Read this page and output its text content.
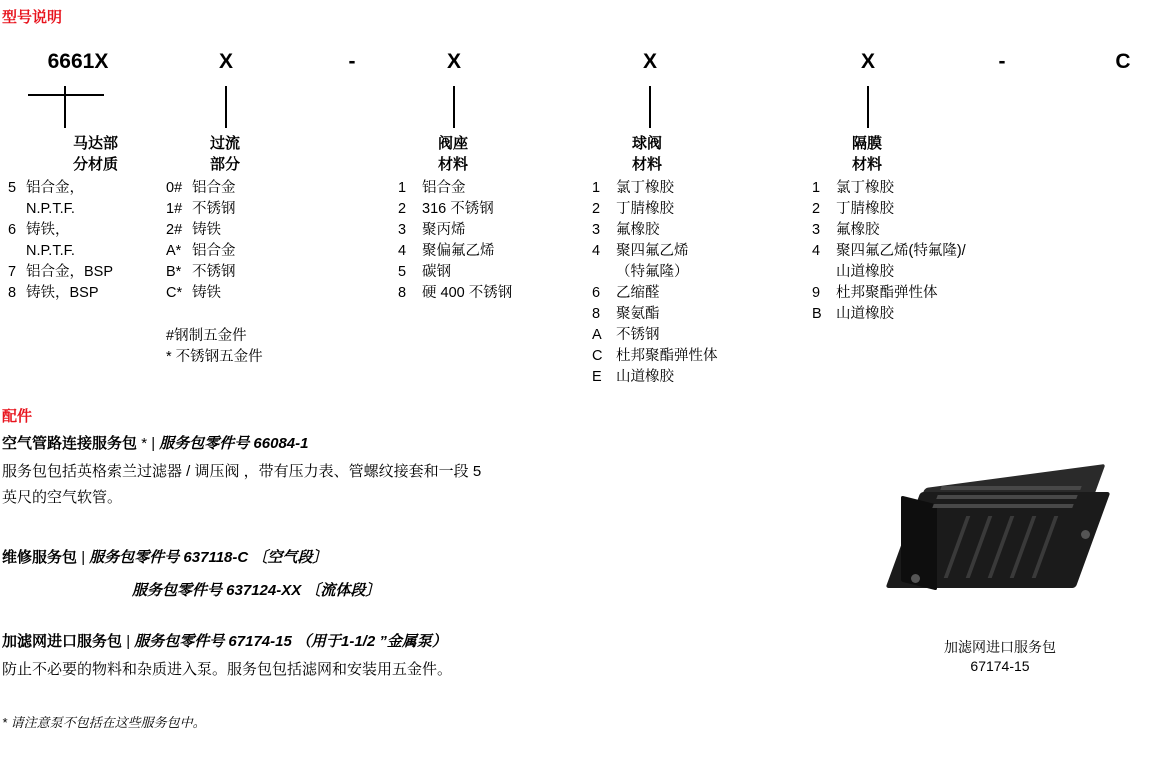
型号说明
6661X	X	-	X	X	X	-	C
马达部
分材质
5 铝合金，
N.P.T.F.
6 铸铁，
N.P.T.F.
7 铝合金，BSP
8 铸铁，BSP
过流
部分
0# 铝合金
1# 不锈钢
2# 铸铁
A* 铝合金
B* 不锈钢
C* 铸铁
#钢制五金件
* 不锈钢五金件
阀座
材料
1	铝合金
2	316 不锈钢
3	聚丙烯
4	聚偏氟乙烯
5	碳钢
8	硬 400 不锈钢
球阀
材料
1	氯丁橡胶
2	丁腈橡胶
3	氟橡胶
4	聚四氟乙烯
（特氟隆）
6	乙缩醛
8	聚氨酯
A 不锈钢
C 杜邦聚酯弹性体
E 山道橡胶
隔膜
材料
1	氯丁橡胶
2	丁腈橡胶
3	氟橡胶
4	聚四氟乙烯(特氟隆)/
山道橡胶
9	杜邦聚酯弹性体
B 山道橡胶
配件
空气管路连接服务包 * | 服务包零件号 66084-1
服务包包括英格索兰过滤器 / 调压阀 ，带有压力表、管螺纹接套和一段 5
英尺的空气软管。
维修服务包 | 服务包零件号 637118-C 〔空气段〕
服务包零件号 637124-XX 〔流体段〕
加滤网进口服务包 | 服务包零件号 67174-15 （用于1-1/2 ”金属泵）
防止不必要的物料和杂质进入泵。服务包包括滤网和安装用五金件。
* 请注意泵不包括在这些服务包中。
加滤网进口服务包
67174-15
